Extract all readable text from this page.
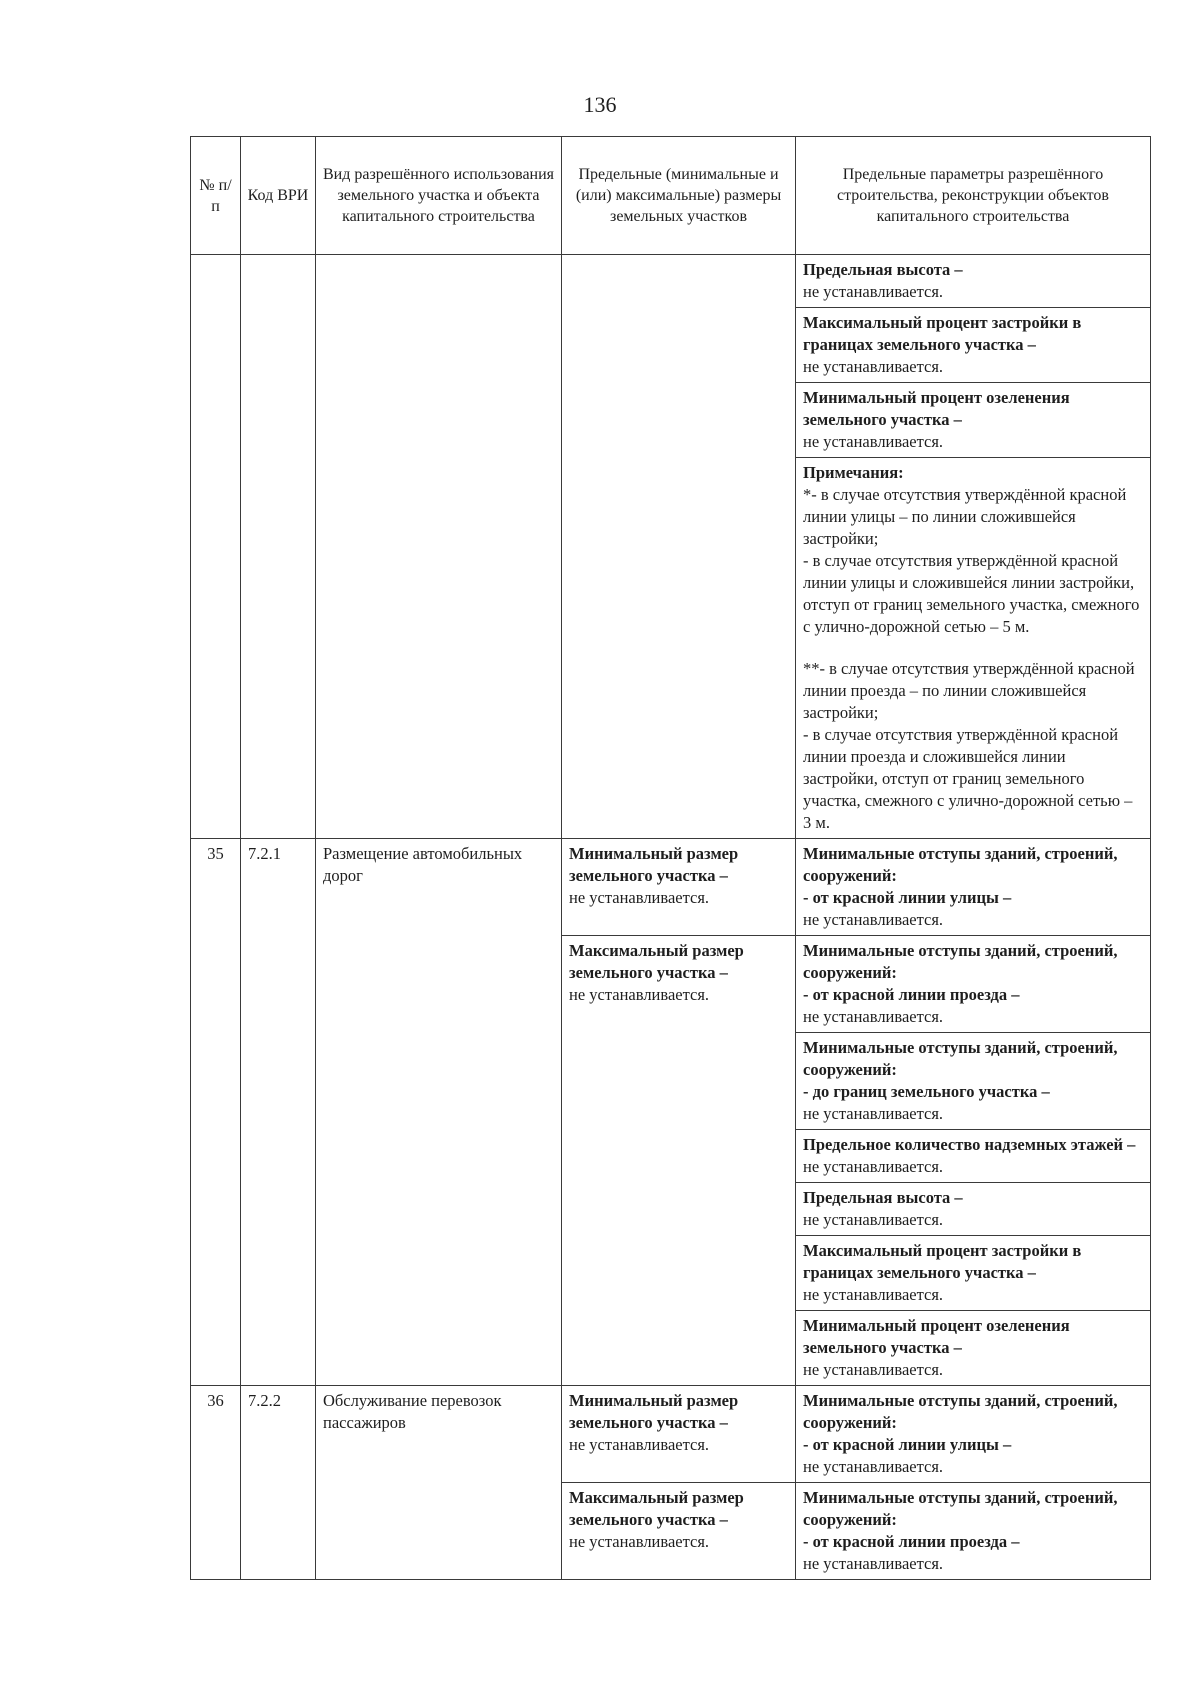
136
№ п/п	Код ВРИ	Вид разрешённого использования земельного участка и объекта капитального строительства	Предельные (минимальные и (или) максимальные) размеры земельных участков	Предельные параметры разрешённого строительства, реконструкции объектов капитального строительства
				Предельная высота –
не устанавливается.
				Максимальный процент застройки в границах земельного участка –
не устанавливается.
				Минимальный процент озеленения земельного участка –
не устанавливается.
				Примечания:
*- в случае отсутствия утверждённой красной линии улицы – по линии сложившейся застройки;
- в случае отсутствия утверждённой красной линии улицы и сложившейся линии застройки, отступ от границ земельного участка, смежного с улично-дорожной сетью – 5 м.
**- в случае отсутствия утверждённой красной линии проезда – по линии сложившейся застройки;
- в случае отсутствия утверждённой красной линии проезда и сложившейся линии застройки, отступ от границ земельного участка, смежного с улично-дорожной сетью – 3 м.

35	7.2.1	Размещение автомобильных дорог	Минимальный размер земельного участка –
не устанавливается.	Минимальные отступы зданий, строений, сооружений:
- от красной линии улицы –
не устанавливается.
			Максимальный размер земельного участка –
не устанавливается.	Минимальные отступы зданий, строений, сооружений:
- от красной линии проезда –
не устанавливается.
				Минимальные отступы зданий, строений, сооружений:
- до границ земельного участка –
не устанавливается.
				Предельное количество надземных этажей – не устанавливается.
				Предельная высота –
не устанавливается.
				Максимальный процент застройки в границах земельного участка –
не устанавливается.
				Минимальный процент озеленения земельного участка –
не устанавливается.
36	7.2.2	Обслуживание перевозок пассажиров	Минимальный размер земельного участка –
не устанавливается.	Минимальные отступы зданий, строений, сооружений:
- от красной линии улицы –
не устанавливается.
			Максимальный размер земельного участка –
не устанавливается.	Минимальные отступы зданий, строений, сооружений:
- от красной линии проезда –
не устанавливается.
